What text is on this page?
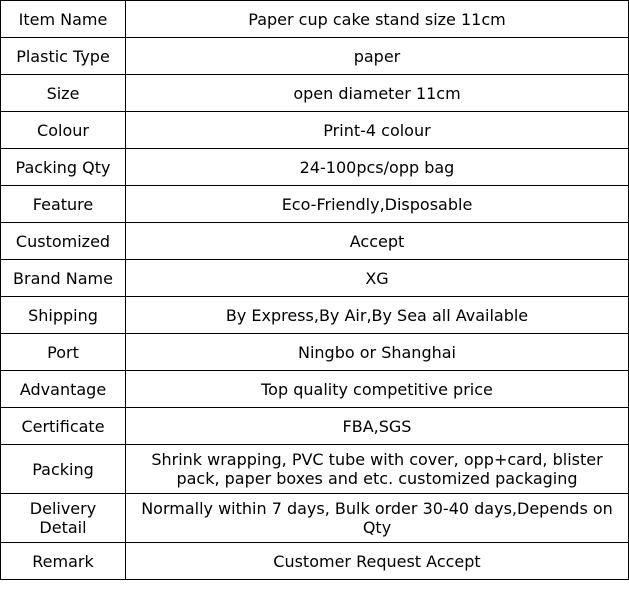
Item Name	Paper cup cake stand size 11cm
Plastic Type	paper
Size	open diameter 11cm
Colour	Print-4 colour
Packing Qty	24-100pcs/opp bag
Feature	Eco-Friendly,Disposable
Customized	Accept
Brand Name	XG
Shipping	By Express,By Air,By Sea all Available
Port	Ningbo or Shanghai
Advantage	Top quality competitive price
Certificate	FBA,SGS
Packing	Shrink wrapping, PVC tube with cover, opp+card, blister pack, paper boxes and etc. customized packaging
Delivery Detail	Normally within 7 days, Bulk order 30-40 days,Depends on Qty
Remark	Customer Request Accept
